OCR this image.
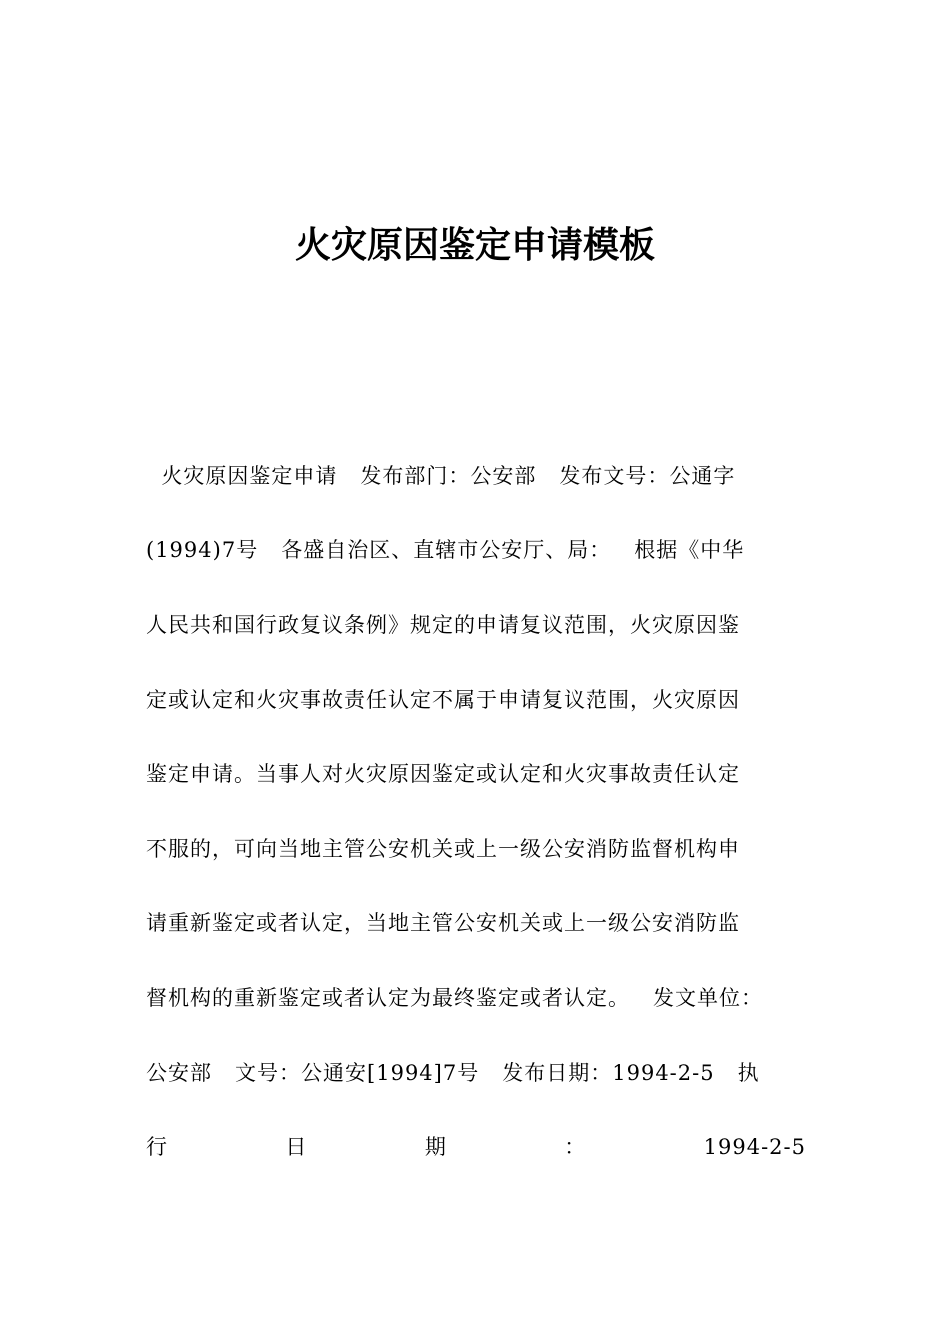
火灾原因鉴定申请模板
火灾原因鉴定申请   发布部门：公安部   发布文号：公通字
(1994)7号   各盛自治区、直辖市公安厅、局：   根据《中华
人民共和国行政复议条例》规定的申请复议范围，火灾原因鉴
定或认定和火灾事故责任认定不属于申请复议范围，火灾原因
鉴定申请。当事人对火灾原因鉴定或认定和火灾事故责任认定
不服的，可向当地主管公安机关或上一级公安消防监督机构申
请重新鉴定或者认定，当地主管公安机关或上一级公安消防监
督机构的重新鉴定或者认定为最终鉴定或者认定。   发文单位：
公安部   文号：公通安[1994]7号   发布日期：1994-2-5   执
行	日	期	：	1994-2-5
